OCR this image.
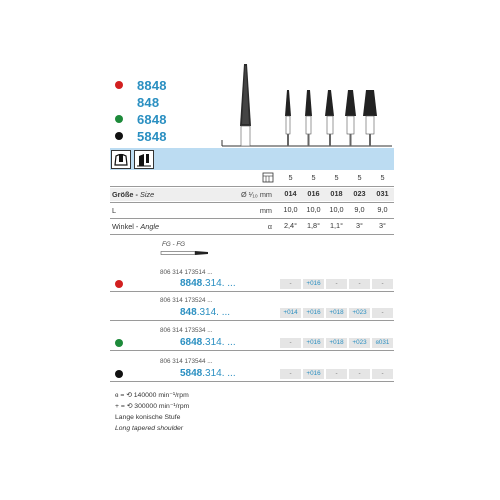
8848
848
6848
5848
5	5	5	5	5
Größe - Size	Ø ¹⁄₁₀ mm	014	016	018	023	031
L	mm	10,0	10,0	10,0	9,0	9,0
Winkel - Angle	α	2,4°	1,8°	1,1°	3°	3°
FG - FG
806 314 173514 ...
8848.314. ...	-	+016	-	-	-
806 314 173524 ...
848.314. ...	+014	+016	+018	+023	-
806 314 173534 ...
6848.314. ...	-	+016	+018	+023	ɞ031
806 314 173544 ...
5848.314. ...	-	+016	-	-	-
ɞ = ⟲ 140000 min⁻¹/rpm
+ = ⟲ 300000 min⁻¹/rpm
Lange konische Stufe
Long tapered shoulder
